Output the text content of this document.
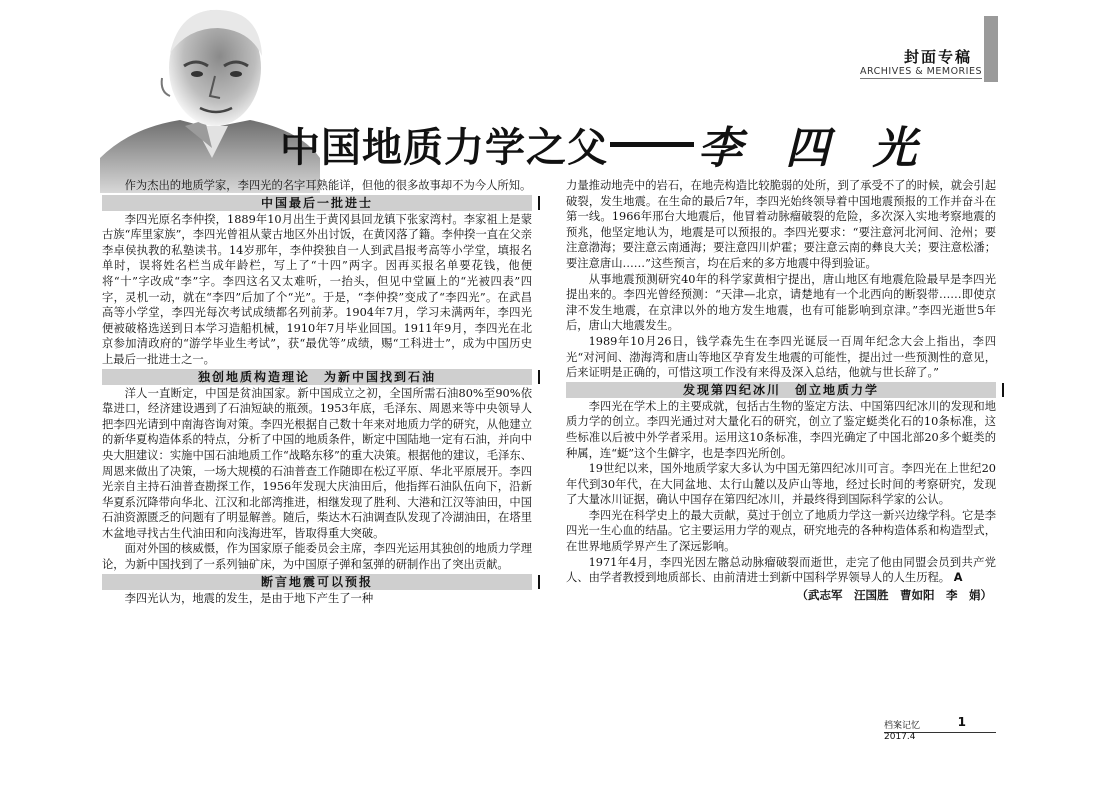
封面专稿
ARCHIVES & MEMORIES
中国地质力学之父 李 四 光

作为杰出的地质学家，李四光的名字耳熟能详，但他的很多故事却不为今人所知。

中国最后一批进士

李四光原名李仲揆，1889年10月出生于黄冈县回龙镇下张家湾村。李家祖上是蒙古族“库里家族”，李四光曾祖从蒙古地区外出讨饭，在黄冈落了籍。李仲揆一直在父亲李卓侯执教的私塾读书。14岁那年，李仲揆独自一人到武昌报考高等小学堂，填报名单时，误将姓名栏当成年龄栏，写上了“十四”两字。因再买报名单要花钱，他便将“十”字改成“李”字。李四这名又太难听，一抬头，但见中堂匾上的“光被四表”四字，灵机一动，就在“李四”后加了个“光”。于是，“李仲揆”变成了“李四光”。在武昌高等小学堂，李四光每次考试成绩都名列前茅。1904年7月，学习未满两年，李四光便被破格选送到日本学习造船机械，1910年7月毕业回国。1911年9月，李四光在北京参加清政府的“游学毕业生考试”，获“最优等”成绩，赐“工科进士”，成为中国历史上最后一批进士之一。

独创地质构造理论　为新中国找到石油

洋人一直断定，中国是贫油国家。新中国成立之初，全国所需石油80%至90%依靠进口，经济建设遇到了石油短缺的瓶颈。1953年底，毛泽东、周恩来等中央领导人把李四光请到中南海咨询对策。李四光根据自己数十年来对地质力学的研究，从他建立的新华夏构造体系的特点，分析了中国的地质条件，断定中国陆地一定有石油，并向中央大胆建议：实施中国石油地质工作“战略东移”的重大决策。根据他的建议，毛泽东、周恩来做出了决策，一场大规模的石油普查工作随即在松辽平原、华北平原展开。李四光亲自主持石油普查勘探工作，1956年发现大庆油田后，他指挥石油队伍向下，沿新华夏系沉降带向华北、江汉和北部湾推进，相继发现了胜利、大港和江汉等油田，中国石油资源匮乏的问题有了明显解善。随后，柴达木石油调查队发现了冷湖油田，在塔里木盆地寻找古生代油田和向浅海进军，皆取得重大突破。

面对外国的核威慑，作为国家原子能委员会主席，李四光运用其独创的地质力学理论，为新中国找到了一系列铀矿床，为中国原子弹和氢弹的研制作出了突出贡献。

断言地震可以预报

李四光认为，地震的发生，是由于地下产生了一种

力量推动地壳中的岩石，在地壳构造比较脆弱的处所，到了承受不了的时候，就会引起破裂，发生地震。在生命的最后7年，李四光始终领导着中国地震预报的工作并奋斗在第一线。1966年邢台大地震后，他冒着动脉瘤破裂的危险，多次深入实地考察地震的预兆，他坚定地认为，地震是可以预报的。李四光要求：“要注意河北河间、沧州；要注意渤海；要注意云南通海；要注意四川炉霍；要注意云南的彝良大关；要注意松潘；要注意唐山……”这些预言，均在后来的多方地震中得到验证。

从事地震预测研究40年的科学家黄相宁提出，唐山地区有地震危险最早是李四光提出来的。李四光曾经预测：“天津—北京，请楚地有一个北西向的断裂带……即使京津不发生地震，在京津以外的地方发生地震，也有可能影响到京津。”李四光逝世5年后，唐山大地震发生。

1989年10月26日，钱学森先生在李四光诞辰一百周年纪念大会上指出，李四光“对河间、渤海湾和唐山等地区孕育发生地震的可能性，提出过一些预测性的意见，后来证明是正确的，可惜这项工作没有来得及深入总结，他就与世长辞了。”

发现第四纪冰川　创立地质力学

李四光在学术上的主要成就，包括古生物的鉴定方法、中国第四纪冰川的发现和地质力学的创立。李四光通过对大量化石的研究，创立了鉴定蜓类化石的10条标准，这些标准以后被中外学者采用。运用这10条标准，李四光确定了中国北部20多个蜓类的种属，连“蜓”这个生僻字，也是李四光所创。

19世纪以来，国外地质学家大多认为中国无第四纪冰川可言。李四光在上世纪20年代到30年代，在大同盆地、太行山麓以及庐山等地，经过长时间的考察研究，发现了大量冰川证据，确认中国存在第四纪冰川，并最终得到国际科学家的公认。

李四光在科学史上的最大贡献，莫过于创立了地质力学这一新兴边缘学科。它是李四光一生心血的结晶。它主要运用力学的观点，研究地壳的各种构造体系和构造型式，在世界地质学界产生了深远影响。

1971年4月，李四光因左髂总动脉瘤破裂而逝世，走完了他由同盟会员到共产党人、由学者教授到地质部长、由前清进士到新中国科学界领导人的人生历程。 A

（武志军　汪国胜　曹如阳　李　娟）
档案记忆	1
2017.4
